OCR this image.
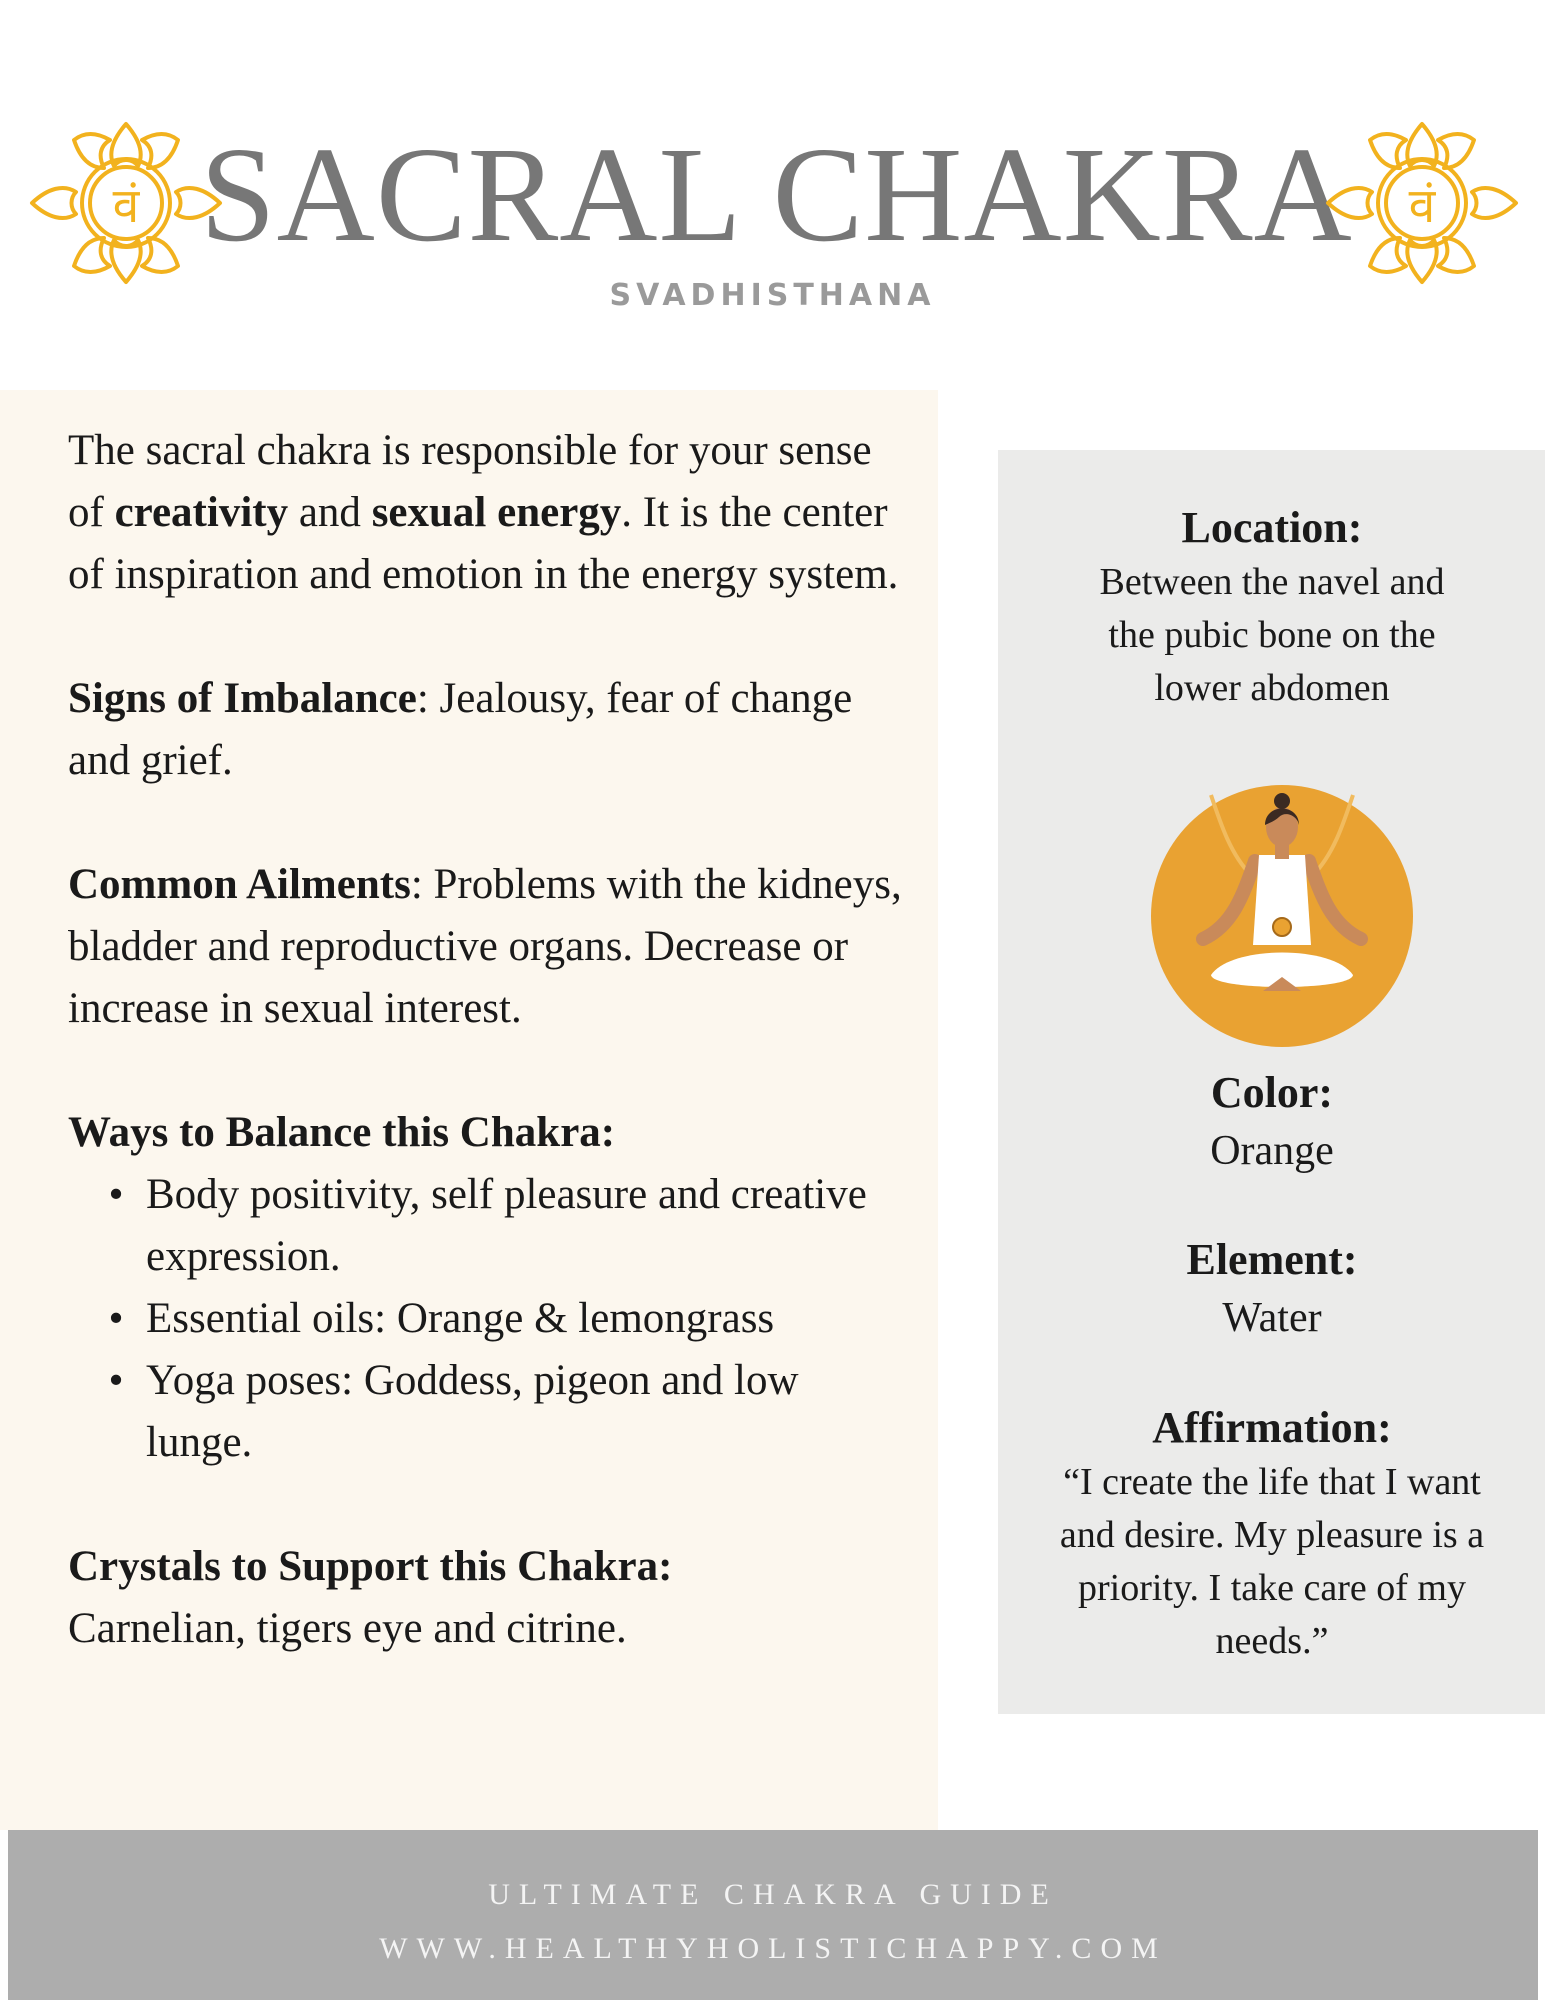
वं SACRAL CHAKRA वं
SVADHISTHANA

The sacral chakra is responsible for your sense of creativity and sexual energy. It is the center of inspiration and emotion in the energy system.

Signs of Imbalance: Jealousy, fear of change and grief.

Common Ailments: Problems with the kidneys, bladder and reproductive organs. Decrease or increase in sexual interest.

Ways to Balance this Chakra:
• Body positivity, self pleasure and creative expression.
• Essential oils: Orange & lemongrass
• Yoga poses: Goddess, pigeon and low lunge.
Crystals to Support this Chakra:
Carnelian, tigers eye and citrine.
Location:
Between the navel and
the pubic bone on the
lower abdomen
Color:
Orange
Element:
Water
Affirmation:
“I create the life that I want
and desire. My pleasure is a
priority. I take care of my
needs.”
ULTIMATE CHAKRA GUIDE
WWW.HEALTHYHOLISTICHAPPY.COM
